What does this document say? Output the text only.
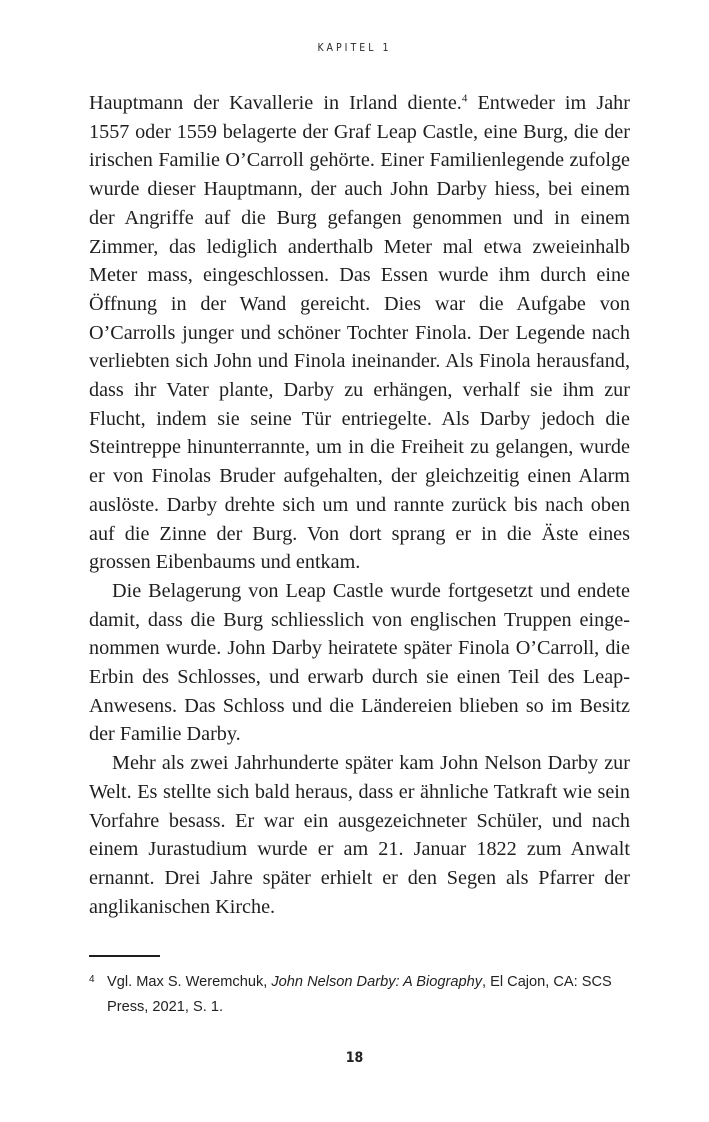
KAPITEL 1

Hauptmann der Kavallerie in Irland diente.$^4$ Entweder im Jahr 1557 oder 1559 belagerte der Graf Leap Castle, eine Burg, die der irischen Familie O’Carroll gehörte. Einer Familienlegende zufolge wurde dieser Hauptmann, der auch John Darby hiess, bei einem der Angriffe auf die Burg gefangen genommen und in einem Zimmer, das lediglich anderthalb Meter mal etwa zweieinhalb Meter mass, eingeschlossen. Das Essen wurde ihm durch eine Öffnung in der Wand gereicht. Dies war die Aufgabe von O’Carrolls junger und schöner Tochter Finola. Der Legende nach verliebten sich John und Finola ineinander. Als Finola herausfand, dass ihr Vater plante, Darby zu erhängen, verhalf sie ihm zur Flucht, indem sie seine Tür entriegelte. Als Darby jedoch die Steintreppe hinunterrannte, um in die Freiheit zu gelangen, wurde er von Finolas Bruder aufgehalten, der gleichzeitig einen Alarm auslöste. Darby drehte sich um und rannte zurück bis nach oben auf die Zinne der Burg. Von dort sprang er in die Äste eines grossen Eibenbaums und entkam.

Die Belagerung von Leap Castle wurde fortgesetzt und endete damit, dass die Burg schliesslich von englischen Truppen eingenommen wurde. John Darby heiratete später Finola O’Carroll, die Erbin des Schlosses, und erwarb durch sie einen Teil des Leap-Anwesens. Das Schloss und die Ländereien blieben so im Besitz der Familie Darby.

Mehr als zwei Jahrhunderte später kam John Nelson Darby zur Welt. Es stellte sich bald heraus, dass er ähnliche Tatkraft wie sein Vorfahre besass. Er war ein ausgezeichneter Schüler, und nach einem Jurastudium wurde er am 21. Januar 1822 zum Anwalt ernannt. Drei Jahre später erhielt er den Segen als Pfarrer der anglikanischen Kirche.

4 Vgl. Max S. Weremchuk, John Nelson Darby: A Biography, El Cajon, CA: SCS Press, 2021, S. 1.
18
